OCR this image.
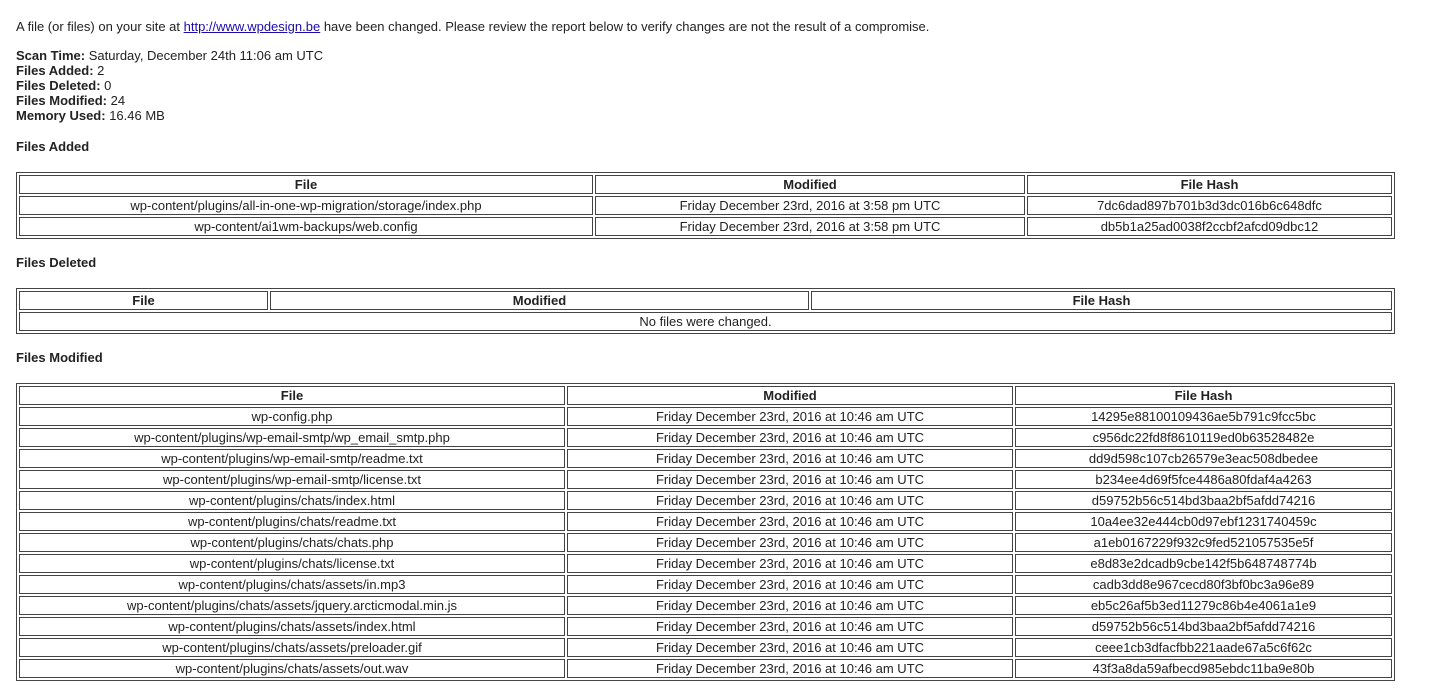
A file (or files) on your site at http://www.wpdesign.be have been changed. Please review the report below to verify changes are not the result of a compromise.
Scan Time: Saturday, December 24th 11:06 am UTC
Files Added: 2
Files Deleted: 0
Files Modified: 24
Memory Used: 16.46 MB
Files Added
File	Modified	File Hash
wp-content/plugins/all-in-one-wp-migration/storage/index.php	Friday December 23rd, 2016 at 3:58 pm UTC	7dc6dad897b701b3d3dc016b6c648dfc
wp-content/ai1wm-backups/web.config	Friday December 23rd, 2016 at 3:58 pm UTC	db5b1a25ad0038f2ccbf2afcd09dbc12
Files Deleted
File	Modified	File Hash
No files were changed.
Files Modified
File	Modified	File Hash
wp-config.php	Friday December 23rd, 2016 at 10:46 am UTC	14295e88100109436ae5b791c9fcc5bc
wp-content/plugins/wp-email-smtp/wp_email_smtp.php	Friday December 23rd, 2016 at 10:46 am UTC	c956dc22fd8f8610119ed0b63528482e
wp-content/plugins/wp-email-smtp/readme.txt	Friday December 23rd, 2016 at 10:46 am UTC	dd9d598c107cb26579e3eac508dbedee
wp-content/plugins/wp-email-smtp/license.txt	Friday December 23rd, 2016 at 10:46 am UTC	b234ee4d69f5fce4486a80fdaf4a4263
wp-content/plugins/chats/index.html	Friday December 23rd, 2016 at 10:46 am UTC	d59752b56c514bd3baa2bf5afdd74216
wp-content/plugins/chats/readme.txt	Friday December 23rd, 2016 at 10:46 am UTC	10a4ee32e444cb0d97ebf1231740459c
wp-content/plugins/chats/chats.php	Friday December 23rd, 2016 at 10:46 am UTC	a1eb0167229f932c9fed521057535e5f
wp-content/plugins/chats/license.txt	Friday December 23rd, 2016 at 10:46 am UTC	e8d83e2dcadb9cbe142f5b648748774b
wp-content/plugins/chats/assets/in.mp3	Friday December 23rd, 2016 at 10:46 am UTC	cadb3dd8e967cecd80f3bf0bc3a96e89
wp-content/plugins/chats/assets/jquery.arcticmodal.min.js	Friday December 23rd, 2016 at 10:46 am UTC	eb5c26af5b3ed11279c86b4e4061a1e9
wp-content/plugins/chats/assets/index.html	Friday December 23rd, 2016 at 10:46 am UTC	d59752b56c514bd3baa2bf5afdd74216
wp-content/plugins/chats/assets/preloader.gif	Friday December 23rd, 2016 at 10:46 am UTC	ceee1cb3dfacfbb221aade67a5c6f62c
wp-content/plugins/chats/assets/out.wav	Friday December 23rd, 2016 at 10:46 am UTC	43f3a8da59afbecd985ebdc11ba9e80b
